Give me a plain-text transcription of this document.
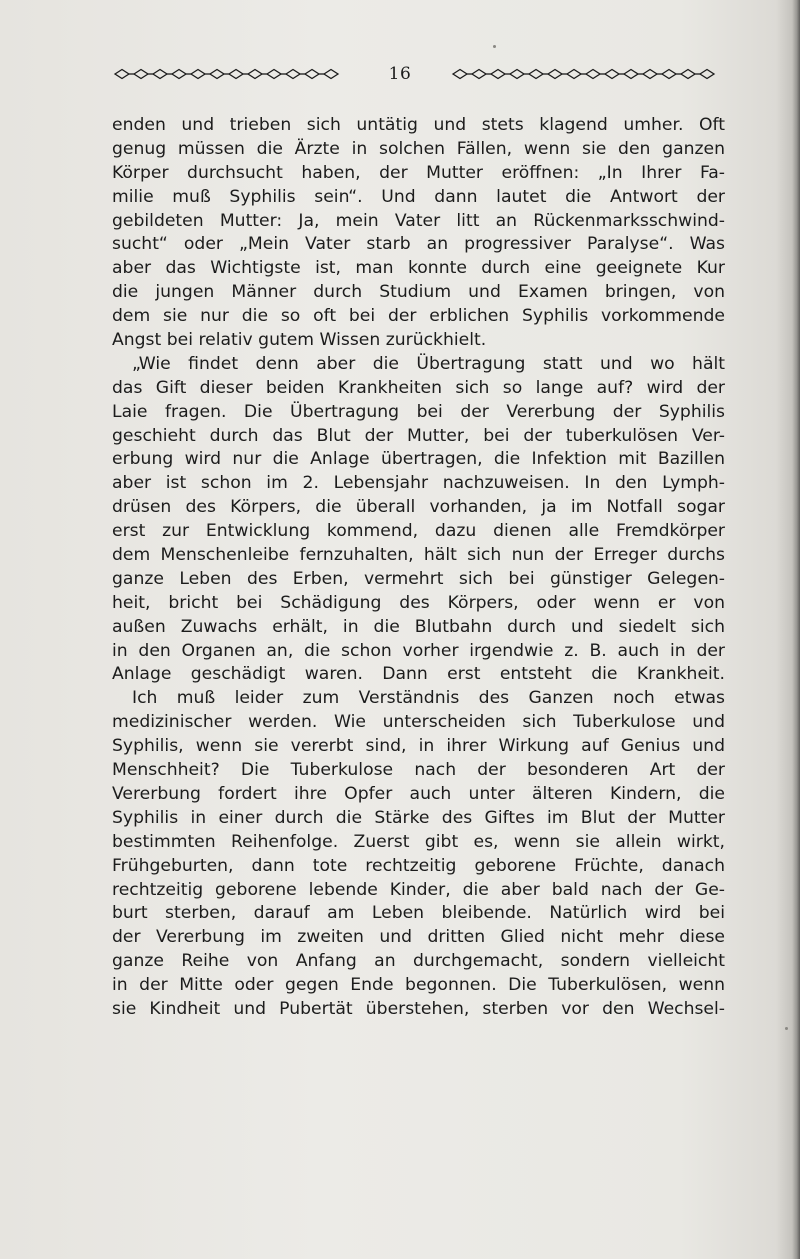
16
enden und trieben sich untätig und stets klagend umher. Oft
genug müssen die Ärzte in solchen Fällen, wenn sie den ganzen
Körper durchsucht haben, der Mutter eröffnen: „In Ihrer Fa-
milie muß Syphilis sein“. Und dann lautet die Antwort der
gebildeten Mutter: Ja, mein Vater litt an Rückenmarksschwind-
sucht“ oder „Mein Vater starb an progressiver Paralyse“. Was
aber das Wichtigste ist, man konnte durch eine geeignete Kur
die jungen Männer durch Studium und Examen bringen, von
dem sie nur die so oft bei der erblichen Syphilis vorkommende
Angst bei relativ gutem Wissen zurückhielt.
„Wie findet denn aber die Übertragung statt und wo hält
das Gift dieser beiden Krankheiten sich so lange auf? wird der
Laie fragen. Die Übertragung bei der Vererbung der Syphilis
geschieht durch das Blut der Mutter, bei der tuberkulösen Ver-
erbung wird nur die Anlage übertragen, die Infektion mit Bazillen
aber ist schon im 2. Lebensjahr nachzuweisen. In den Lymph-
drüsen des Körpers, die überall vorhanden, ja im Notfall sogar
erst zur Entwicklung kommend, dazu dienen alle Fremdkörper
dem Menschenleibe fernzuhalten, hält sich nun der Erreger durchs
ganze Leben des Erben, vermehrt sich bei günstiger Gelegen-
heit, bricht bei Schädigung des Körpers, oder wenn er von
außen Zuwachs erhält, in die Blutbahn durch und siedelt sich
in den Organen an, die schon vorher irgendwie z. B. auch in der
Anlage geschädigt waren. Dann erst entsteht die Krankheit.
Ich muß leider zum Verständnis des Ganzen noch etwas
medizinischer werden. Wie unterscheiden sich Tuberkulose und
Syphilis, wenn sie vererbt sind, in ihrer Wirkung auf Genius und
Menschheit? Die Tuberkulose nach der besonderen Art der
Vererbung fordert ihre Opfer auch unter älteren Kindern, die
Syphilis in einer durch die Stärke des Giftes im Blut der Mutter
bestimmten Reihenfolge. Zuerst gibt es, wenn sie allein wirkt,
Frühgeburten, dann tote rechtzeitig geborene Früchte, danach
rechtzeitig geborene lebende Kinder, die aber bald nach der Ge-
burt sterben, darauf am Leben bleibende. Natürlich wird bei
der Vererbung im zweiten und dritten Glied nicht mehr diese
ganze Reihe von Anfang an durchgemacht, sondern vielleicht
in der Mitte oder gegen Ende begonnen. Die Tuberkulösen, wenn
sie Kindheit und Pubertät überstehen, sterben vor den Wechsel-
